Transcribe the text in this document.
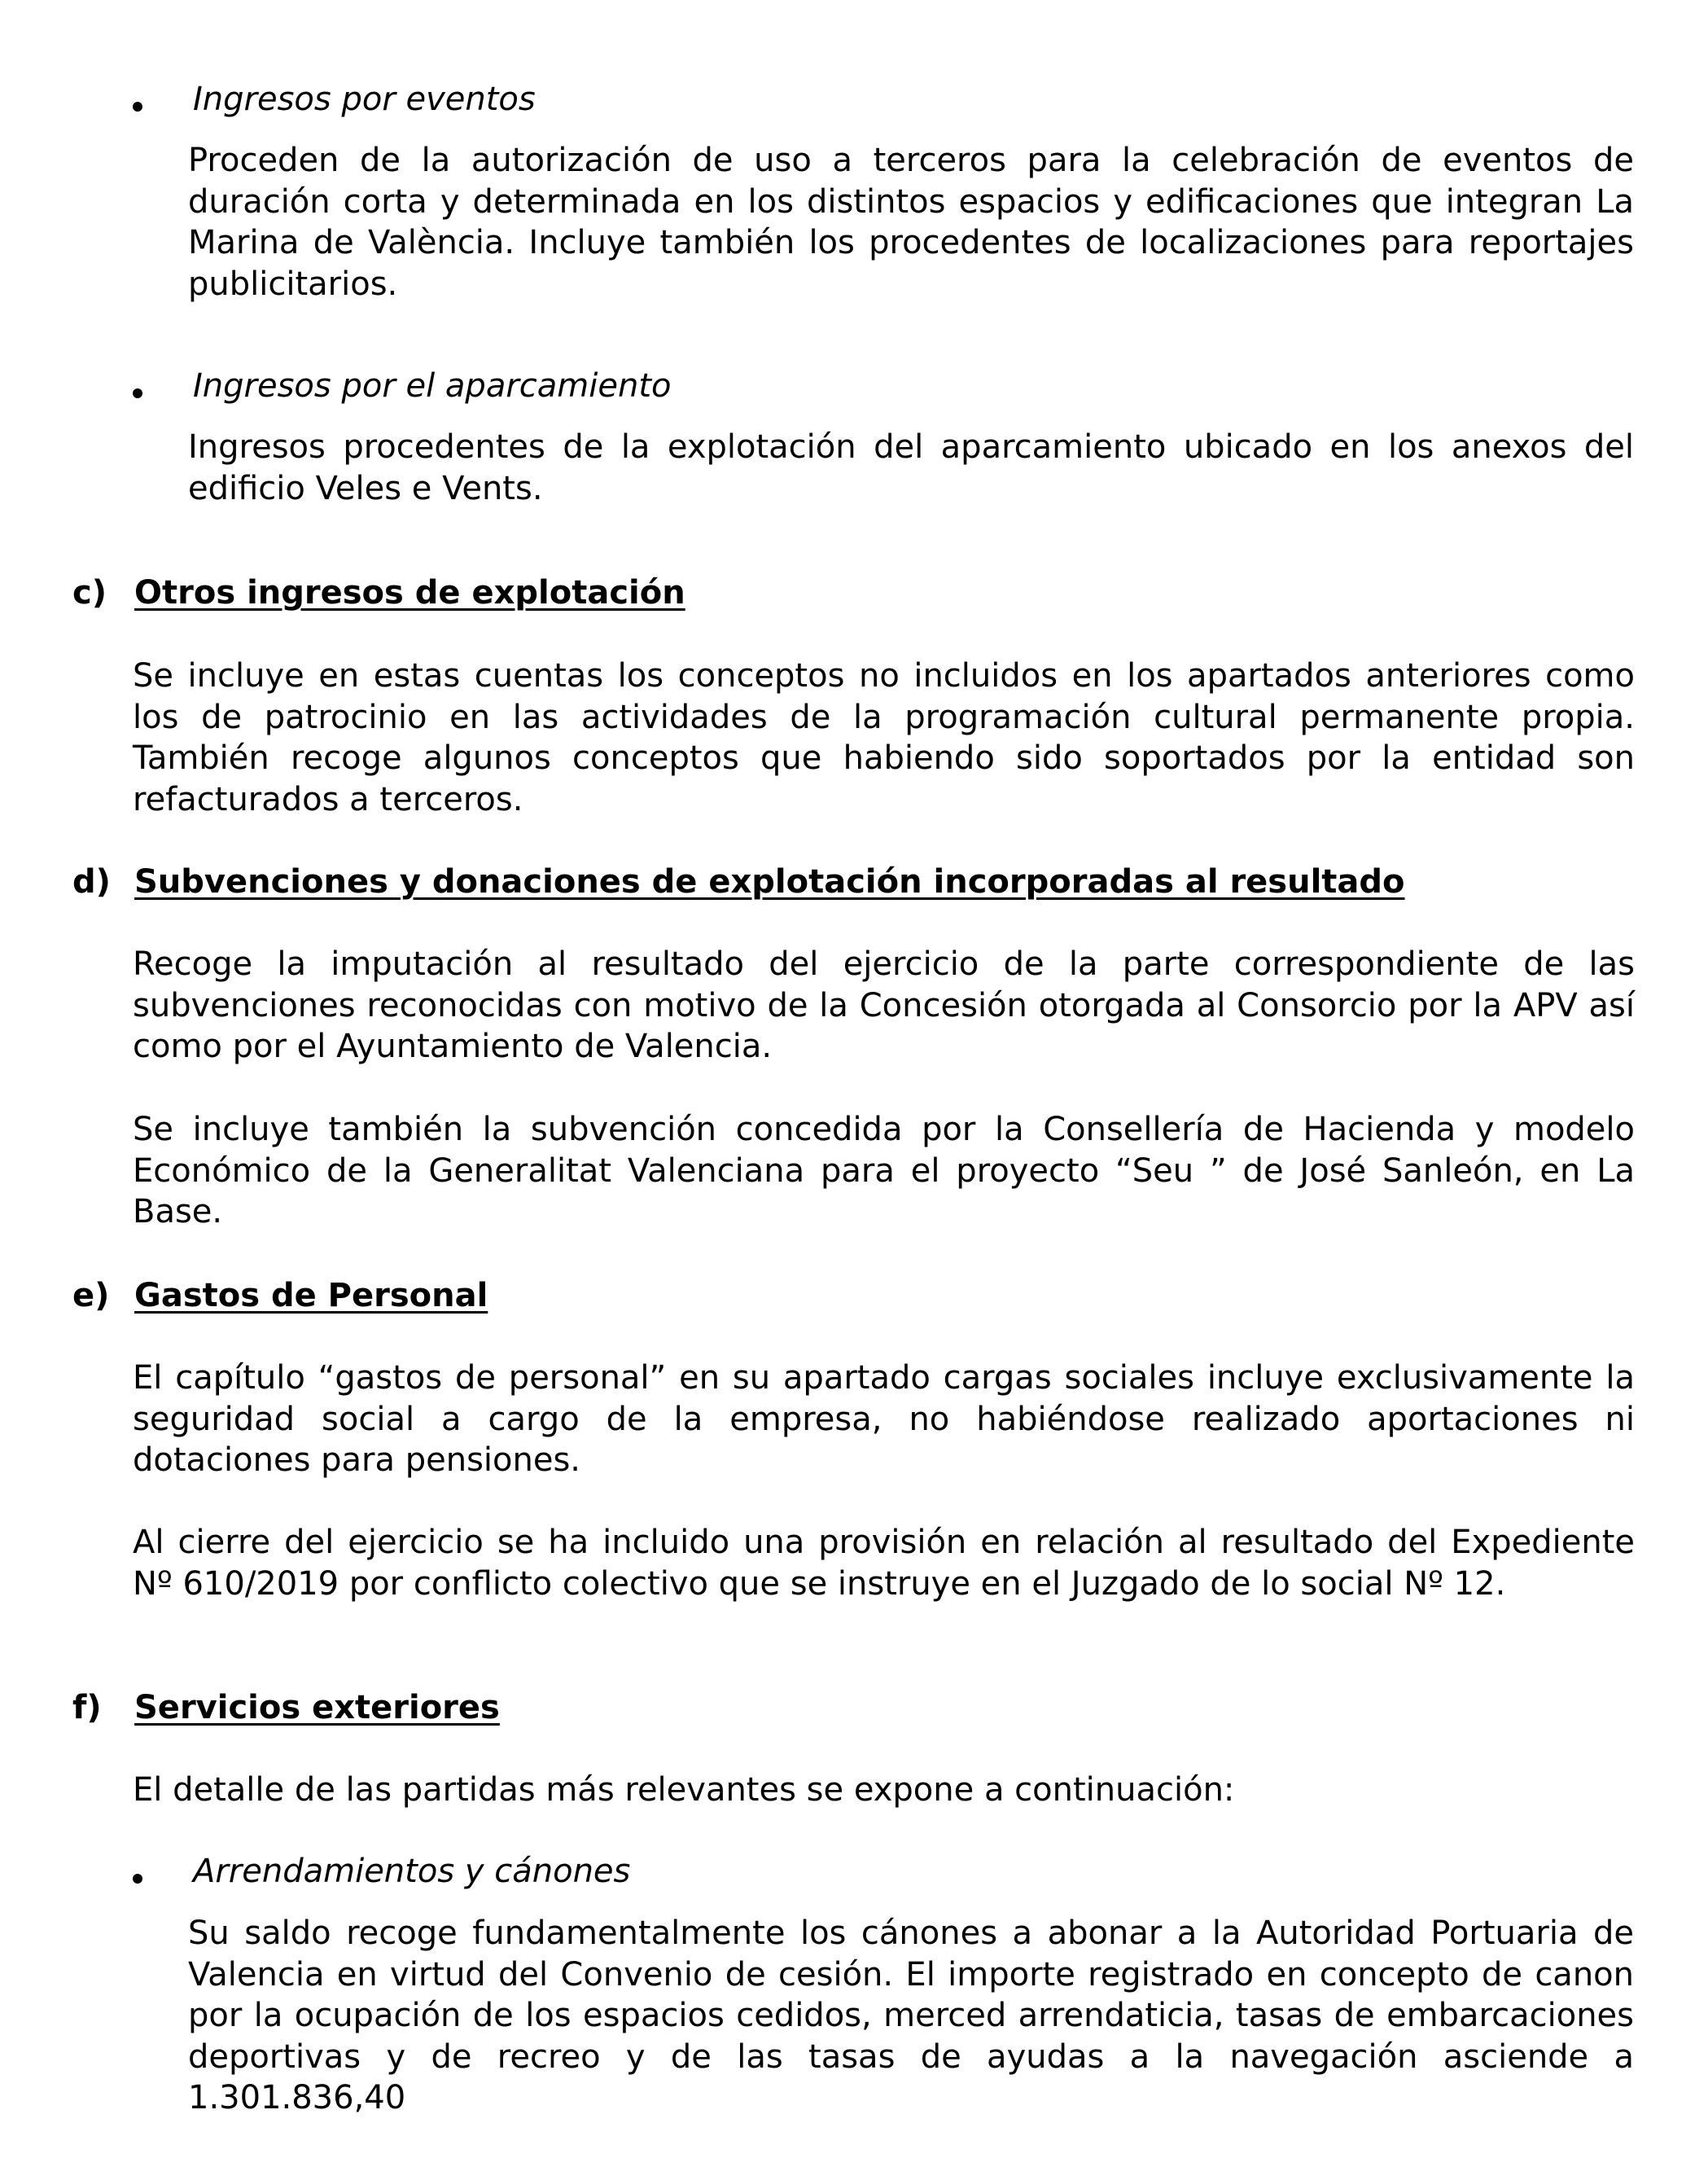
Ingresos por eventos
Proceden de la autorización de uso a terceros para la celebración de eventos de duración corta y determinada en los distintos espacios y edificaciones que integran La Marina de València. Incluye también los procedentes de localizaciones para reportajes publicitarios.
Ingresos por el aparcamiento
Ingresos procedentes de la explotación del aparcamiento ubicado en los anexos del edificio Veles e Vents.
c) Otros ingresos de explotación
Se incluye en estas cuentas los conceptos no incluidos en los apartados anteriores como los de patrocinio en las actividades de la programación cultural permanente propia. También recoge algunos conceptos que habiendo sido soportados por la entidad son refacturados a terceros.
d) Subvenciones y donaciones de explotación incorporadas al resultado
Recoge la imputación al resultado del ejercicio de la parte correspondiente de las subvenciones reconocidas con motivo de la Concesión otorgada al Consorcio por la APV así como por el Ayuntamiento de Valencia.
Se incluye también la subvención concedida por la Consellería de Hacienda y modelo Económico de la Generalitat Valenciana para el proyecto “Seu ” de José Sanleón, en La Base.
e) Gastos de Personal
El capítulo “gastos de personal” en su apartado cargas sociales incluye exclusivamente la seguridad social a cargo de la empresa, no habiéndose realizado aportaciones ni dotaciones para pensiones.
Al cierre del ejercicio se ha incluido una provisión en relación al resultado del Expediente Nº 610/2019 por conflicto colectivo que se instruye en el Juzgado de lo social Nº 12.
f) Servicios exteriores
El detalle de las partidas más relevantes se expone a continuación:
Arrendamientos y cánones
Su saldo recoge fundamentalmente los cánones a abonar a la Autoridad Portuaria de Valencia en virtud del Convenio de cesión. El importe registrado en concepto de canon por la ocupación de los espacios cedidos, merced arrendaticia, tasas de embarcaciones deportivas y de recreo y de las tasas de ayudas a la navegación asciende a 1.301.836,40
